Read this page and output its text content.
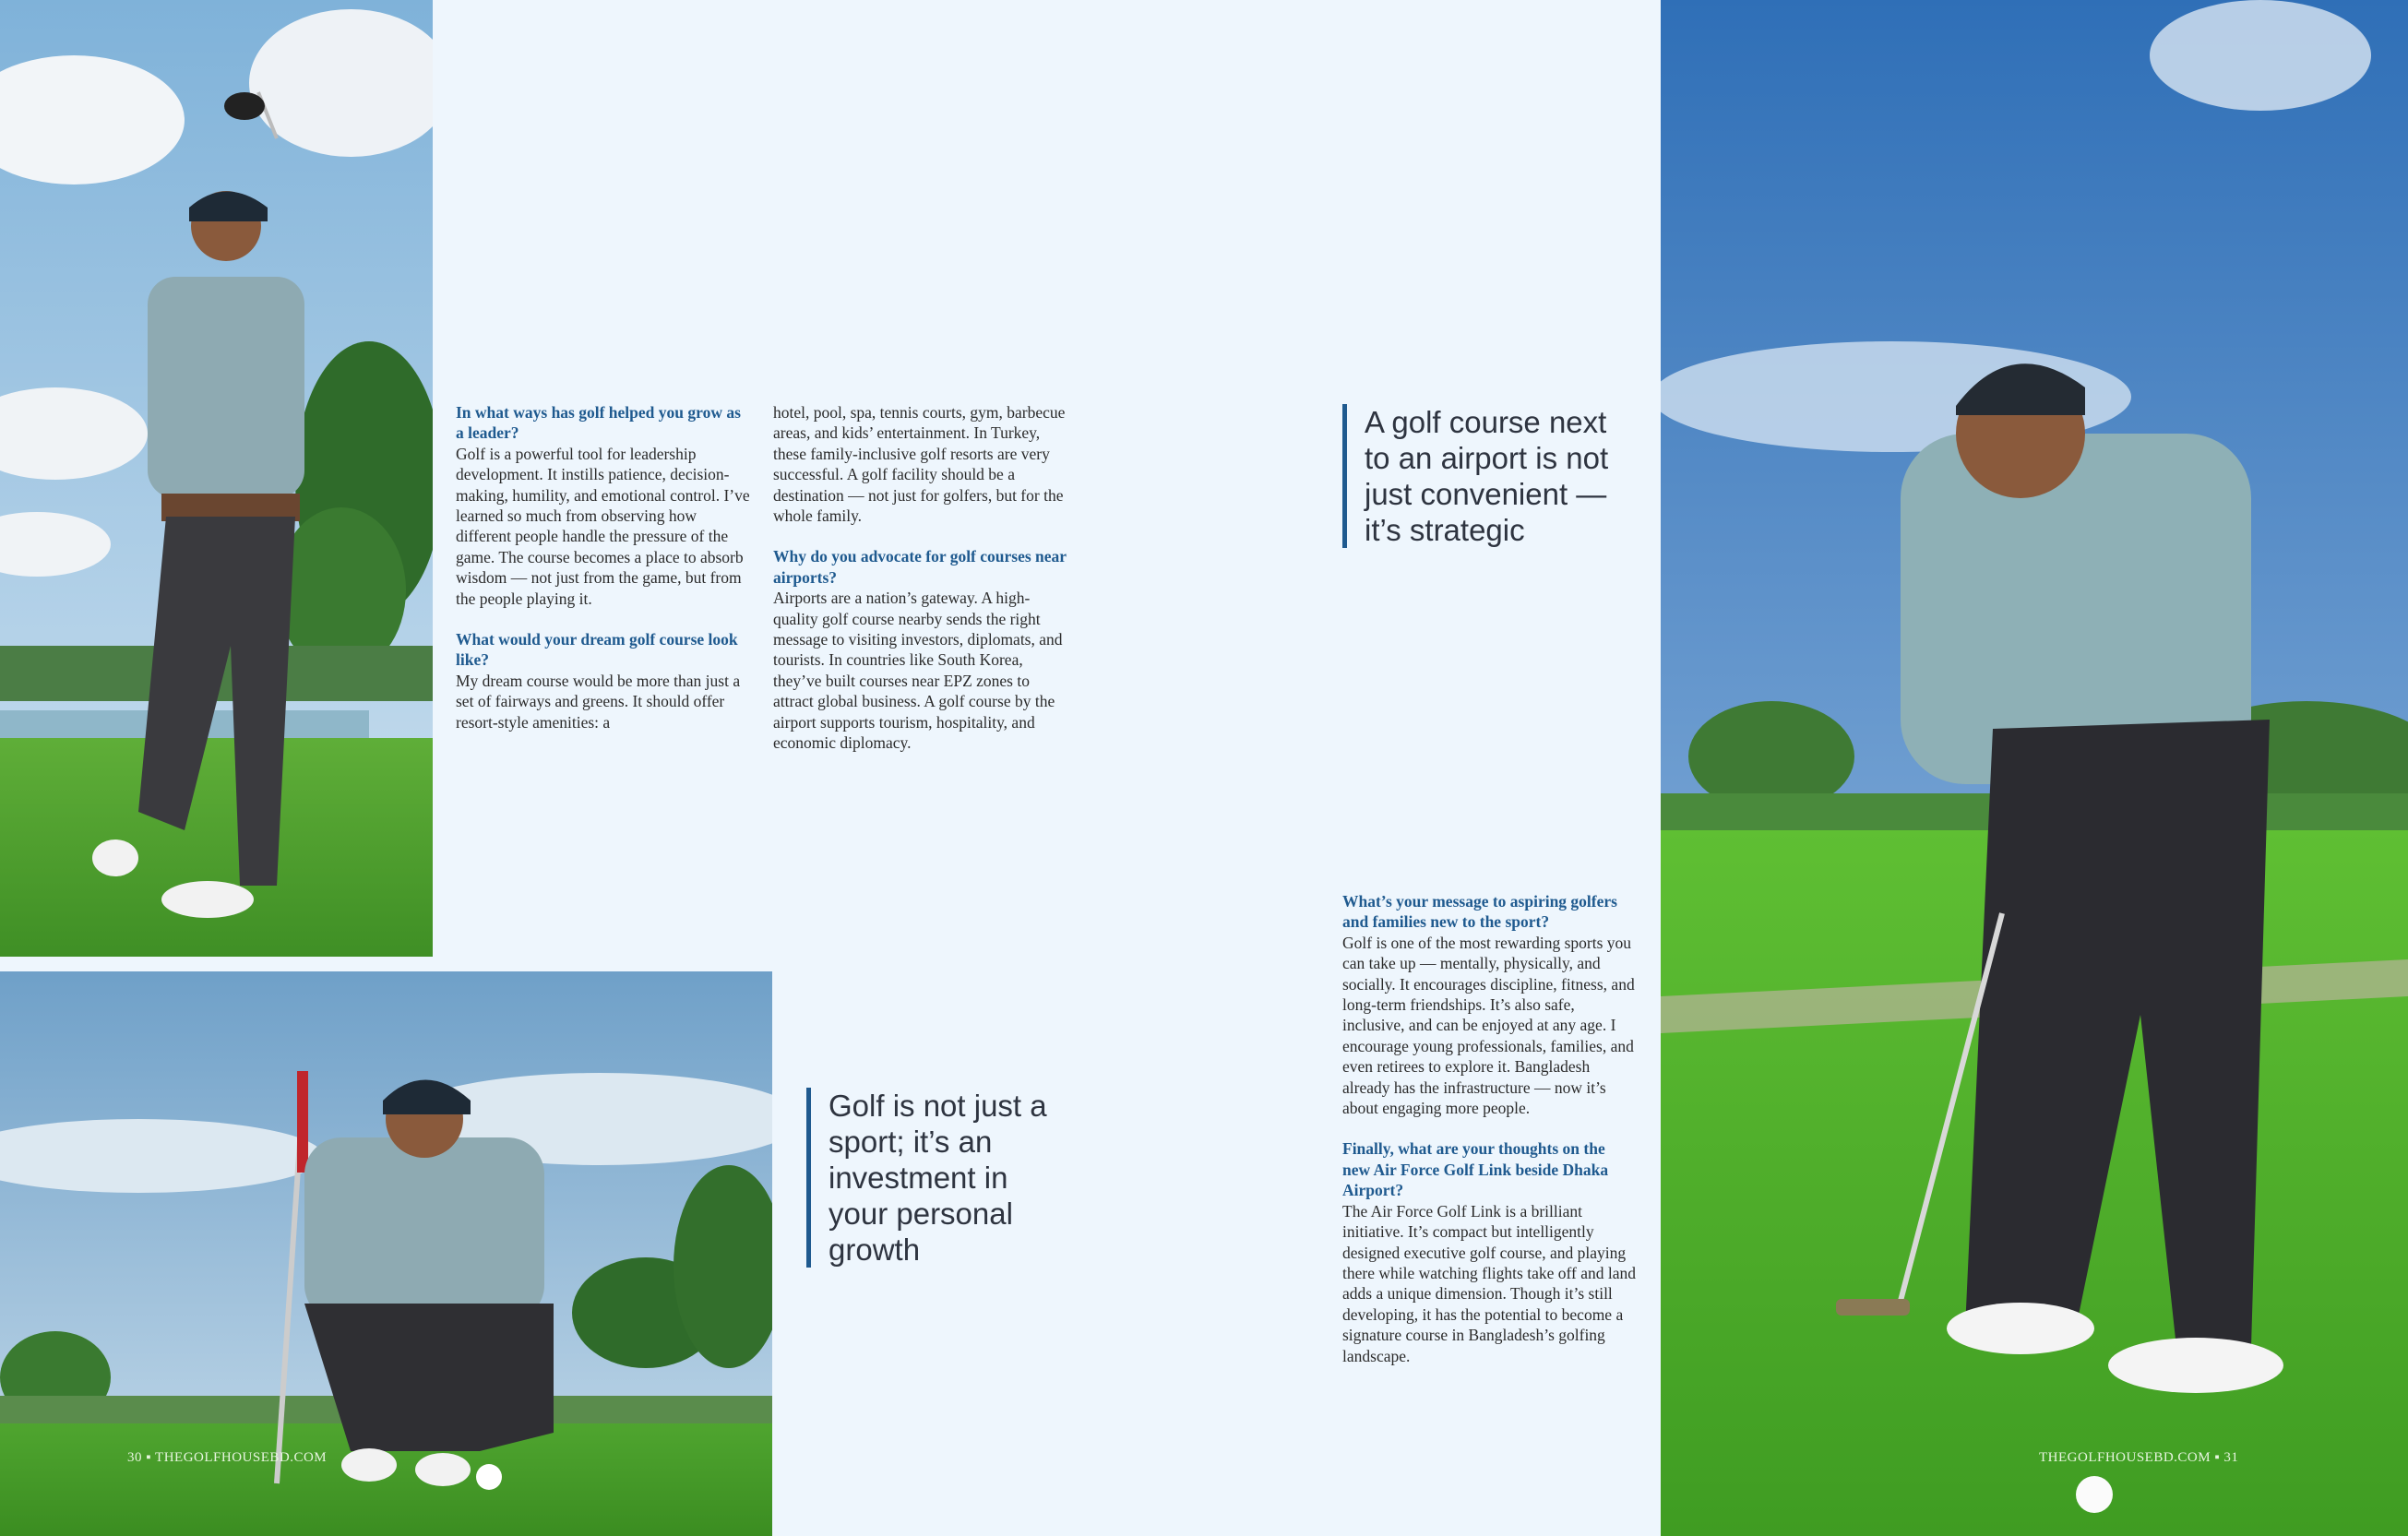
In what ways has golf helped you grow as a leader?

Golf is a powerful tool for leadership development. It instills patience, decision-making, humility, and emotional control. I’ve learned so much from observing how different people handle the pressure of the game. The course becomes a place to absorb wisdom — not just from the game, but from the people playing it.

What would your dream golf course look like?

My dream course would be more than just a set of fairways and greens. It should offer resort-style amenities: a

hotel, pool, spa, tennis courts, gym, barbecue areas, and kids’ entertainment. In Turkey, these family-inclusive golf resorts are very successful. A golf facility should be a destination — not just for golfers, but for the whole family.

Why do you advocate for golf courses near airports?

Airports are a nation’s gateway. A high-quality golf course nearby sends the right message to visiting investors, diplomats, and tourists. In countries like South Korea, they’ve built courses near EPZ zones to attract global business. A golf course by the airport supports tourism, hospitality, and economic diplomacy.

What’s your message to aspiring golfers and families new to the sport?

Golf is one of the most rewarding sports you can take up — mentally, physically, and socially. It encourages discipline, fitness, and long-term friendships. It’s also safe, inclusive, and can be enjoyed at any age. I encourage young professionals, families, and even retirees to explore it. Bangladesh already has the infrastructure — now it’s about engaging more people.

Finally, what are your thoughts on the new Air Force Golf Link beside Dhaka Airport?

The Air Force Golf Link is a brilliant initiative. It’s compact but intelligently designed executive golf course, and playing there while watching flights take off and land adds a unique dimension. Though it’s still developing, it has the potential to become a signature course in Bangladesh’s golfing landscape.

A golf course next to an airport is not just convenient — it’s strategic

Golf is not just a sport; it’s an investment in your personal growth

30 ▪ THEGOLFHOUSEBD.COM	THEGOLFHOUSEBD.COM ▪ 31
